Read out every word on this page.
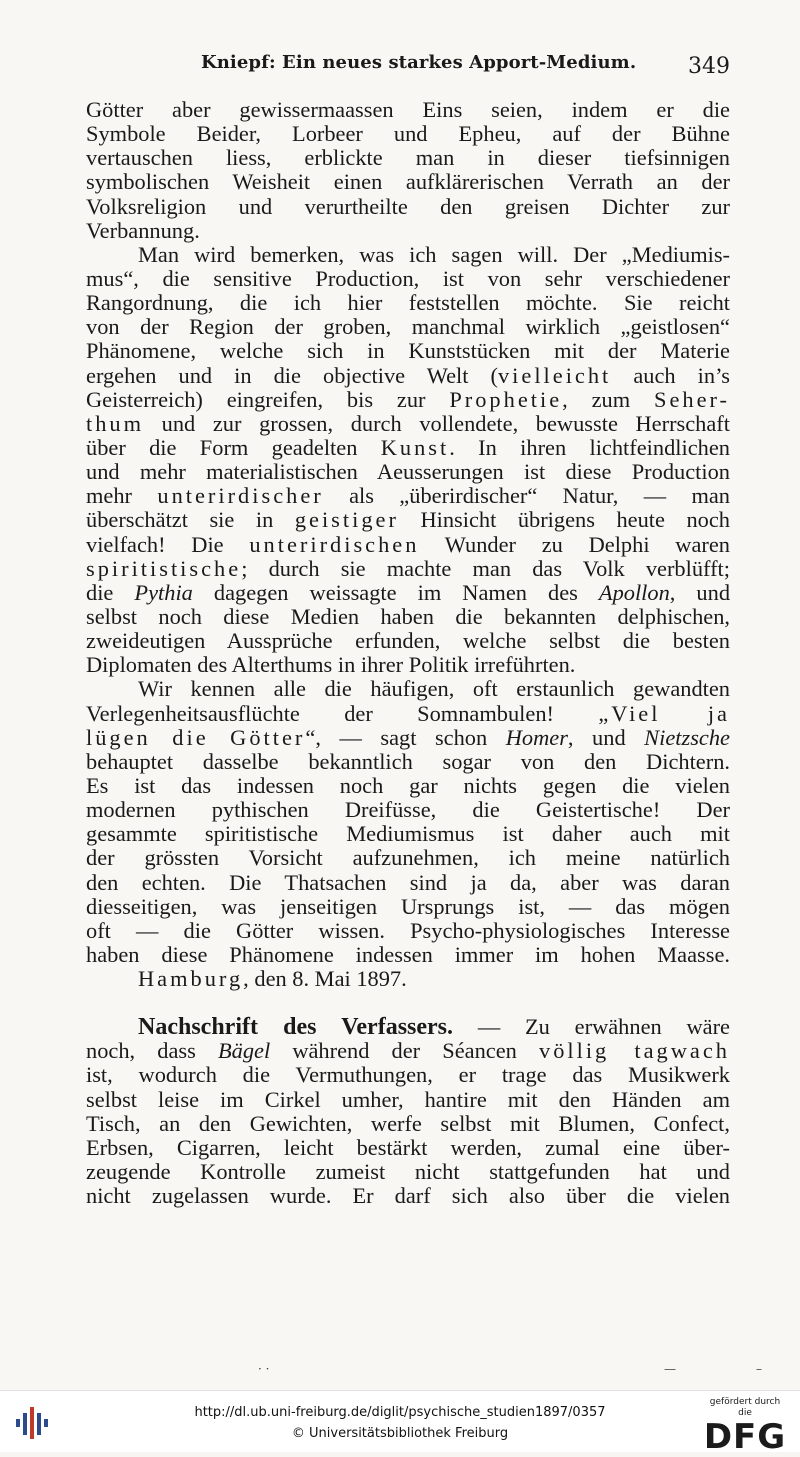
Kniepf: Ein neues starkes Apport-Medium. 349
Götter aber gewissermaassen Eins seien, indem er die
Symbole Beider, Lorbeer und Epheu, auf der Bühne
vertauschen liess, erblickte man in dieser tiefsinnigen
symbolischen Weisheit einen aufklärerischen Verrath an der
Volksreligion und verurtheilte den greisen Dichter zur
Verbannung.
Man wird bemerken, was ich sagen will. Der „Mediumis-
mus“, die sensitive Production, ist von sehr verschiedener
Rangordnung, die ich hier feststellen möchte. Sie reicht
von der Region der groben, manchmal wirklich „geistlosen“
Phänomene, welche sich in Kunststücken mit der Materie
ergehen und in die objective Welt (vielleicht auch in’s
Geisterreich) eingreifen, bis zur Prophetie, zum Seher-
thum und zur grossen, durch vollendete, bewusste Herrschaft
über die Form geadelten Kunst. In ihren lichtfeindlichen
und mehr materialistischen Aeusserungen ist diese Production
mehr unterirdischer als „überirdischer“ Natur, — man
überschätzt sie in geistiger Hinsicht übrigens heute noch
vielfach! Die unterirdischen Wunder zu Delphi waren
spiritistische; durch sie machte man das Volk verblüfft;
die Pythia dagegen weissagte im Namen des Apollon, und
selbst noch diese Medien haben die bekannten delphischen,
zweideutigen Aussprüche erfunden, welche selbst die besten
Diplomaten des Alterthums in ihrer Politik irreführten.
Wir kennen alle die häufigen, oft erstaunlich gewandten
Verlegenheitsausflüchte der Somnambulen! „Viel ja
lügen die Götter“, — sagt schon Homer, und Nietzsche
behauptet dasselbe bekanntlich sogar von den Dichtern.
Es ist das indessen noch gar nichts gegen die vielen
modernen pythischen Dreifüsse, die Geistertische! Der
gesammte spiritistische Mediumismus ist daher auch mit
der grössten Vorsicht aufzunehmen, ich meine natürlich
den echten. Die Thatsachen sind ja da, aber was daran
diesseitigen, was jenseitigen Ursprungs ist, — das mögen
oft — die Götter wissen. Psycho-physiologisches Interesse
haben diese Phänomene indessen immer im hohen Maasse.
Hamburg, den 8. Mai 1897.
Nachschrift des Verfassers. — Zu erwähnen wäre
noch, dass Bägel während der Séancen völlig tagwach
ist, wodurch die Vermuthungen, er trage das Musikwerk
selbst leise im Cirkel umher, hantire mit den Händen am
Tisch, an den Gewichten, werfe selbst mit Blumen, Confect,
Erbsen, Cigarren, leicht bestärkt werden, zumal eine über-
zeugende Kontrolle zumeist nicht stattgefunden hat und
nicht zugelassen wurde. Er darf sich also über die vielen
· ·	—	–
http://dl.ub.uni-freiburg.de/diglit/psychische_studien1897/0357
© Universitätsbibliothek Freiburg
gefördert durch die
DFG
